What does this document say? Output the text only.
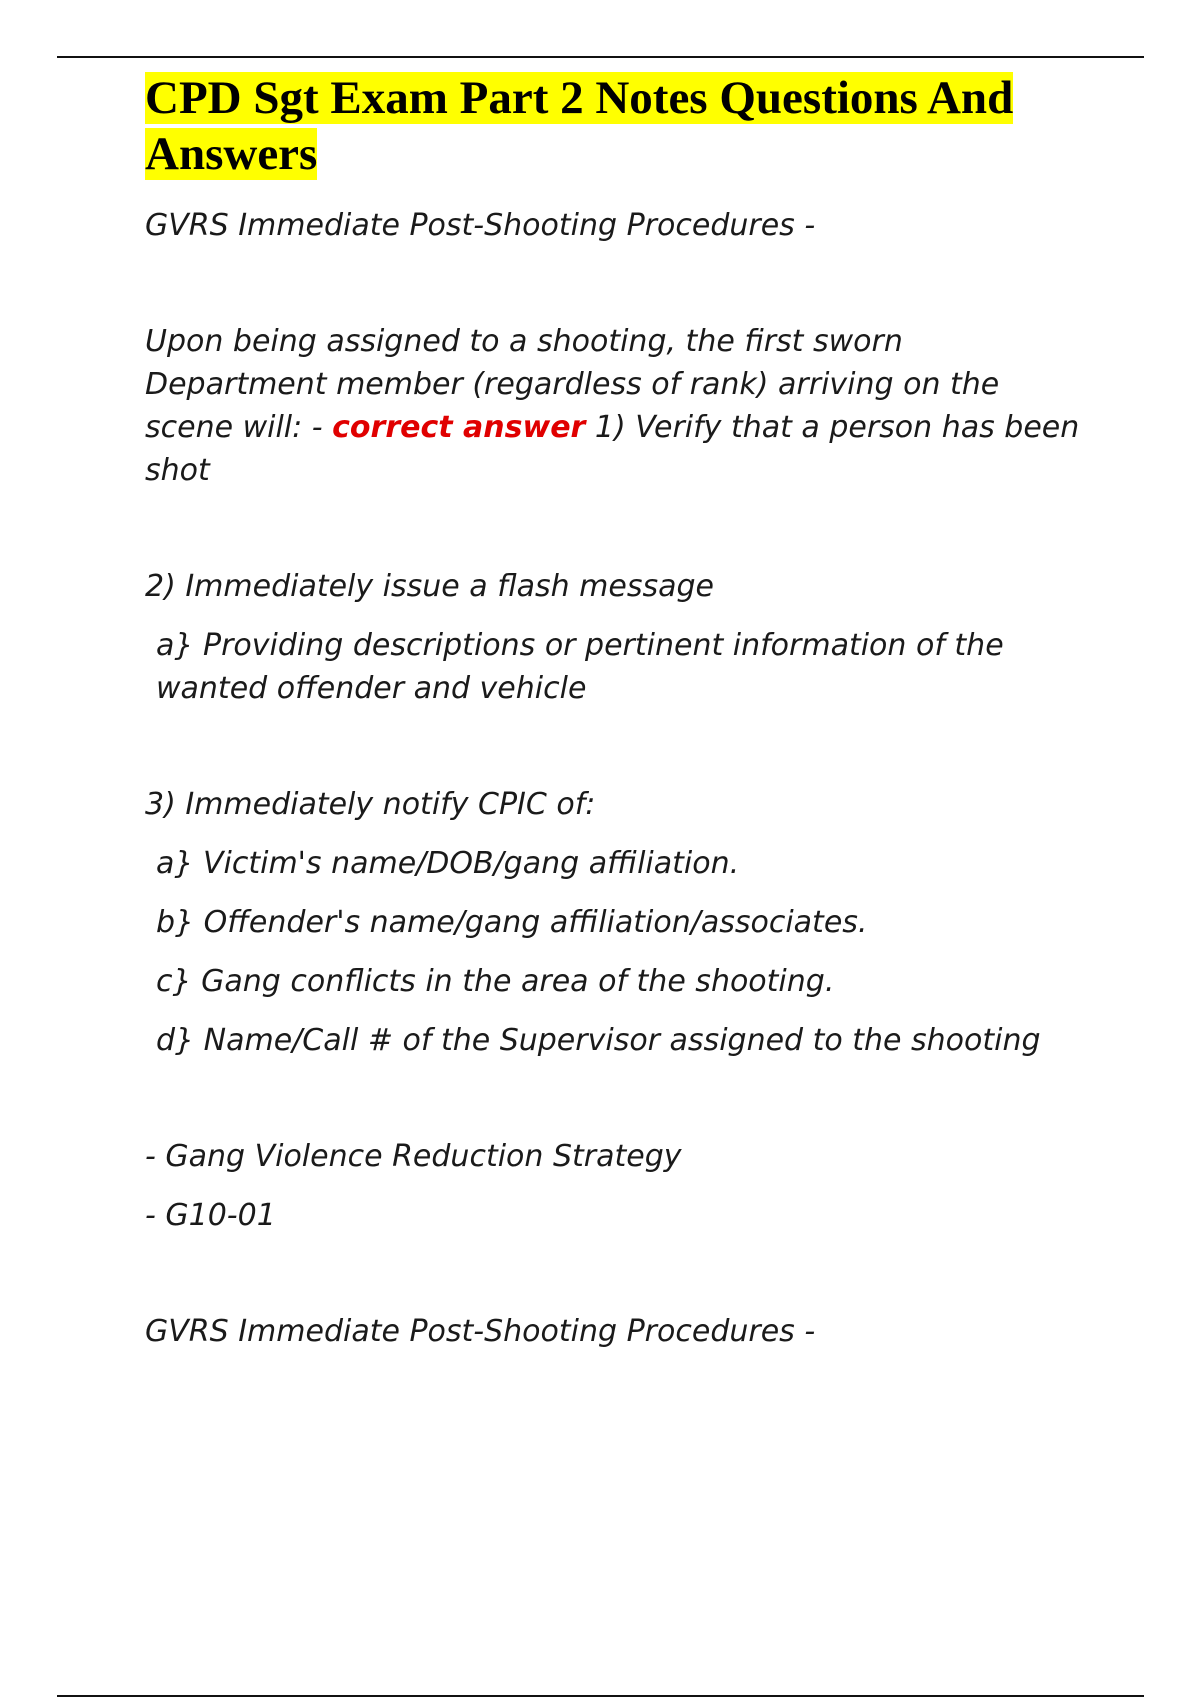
CPD Sgt Exam Part 2 Notes Questions And Answers

GVRS Immediate Post-Shooting Procedures -

Upon being assigned to a shooting, the first sworn Department member (regardless of rank) arriving on the scene will: - correct answer 1) Verify that a person has been shot

2) Immediately issue a flash message

a} Providing descriptions or pertinent information of the wanted offender and vehicle

3) Immediately notify CPIC of:

a} Victim's name/DOB/gang affiliation.

b} Offender's name/gang affiliation/associates.

c} Gang conflicts in the area of the shooting.

d} Name/Call # of the Supervisor assigned to the shooting

- Gang Violence Reduction Strategy

- G10-01

GVRS Immediate Post-Shooting Procedures -
